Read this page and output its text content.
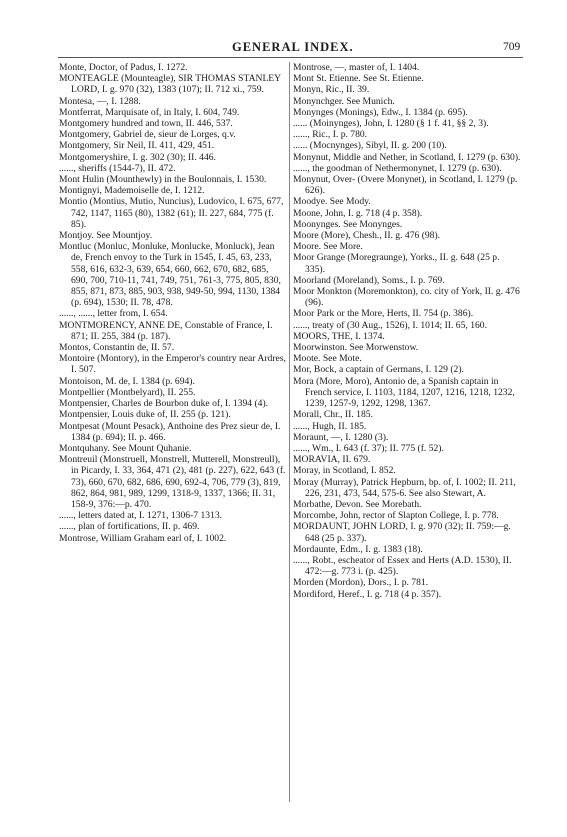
GENERAL INDEX.	709

Monte, Doctor, of Padus, I. 1272.

MONTEAGLE (Mounteagle), SIR THOMAS STANLEY LORD, I. g. 970 (32), 1383 (107); II. 712 xi., 759.

Montesa, —, I. 1288.

Montferrat, Marquisate of, in Italy, I. 604, 749.

Montgomery hundred and town, II. 446, 537.

Montgomery, Gabriel de, sieur de Lorges, q.v.

Montgomery, Sir Neil, II. 411, 429, 451.

Montgomeryshire, I. g. 302 (30); II. 446.

......, sheriffs (1544-7), II. 472.

Mont Hulin (Mounthewly) in the Boulonnais, I. 1530.

Montignyi, Mademoiselle de, I. 1212.

Montio (Montius, Mutio, Nuncius), Ludovico, I. 675, 677, 742, 1147, 1165 (80), 1382 (61); II. 227, 684, 775 (f. 85).

Montjoy. See Mountjoy.

Montluc (Monluc, Monluke, Monlucke, Monluck), Jean de, French envoy to the Turk in 1545, I. 45, 63, 233, 558, 616, 632-3, 639, 654, 660, 662, 670, 682, 685, 690, 700, 710-11, 741, 749, 751, 761-3, 775, 805, 830, 855, 871, 873, 885, 903, 938, 949-50, 994, 1130, 1384 (p. 694), 1530; II. 78, 478.

......, ......, letter from, I. 654.

MONTMORENCY, ANNE DE, Constable of France, I. 871; II. 255, 384 (p. 187).

Montos, Constantin de, II. 57.

Montoire (Montory), in the Emperor's country near Ardres, I. 507.

Montoison, M. de, I. 1384 (p. 694).

Montpellier (Montbelyard), II. 255.

Montpensier, Charles de Bourbon duke of, I. 1394 (4).

Montpensier, Louis duke of, II. 255 (p. 121).

Montpesat (Mount Pesack), Anthoine des Prez sieur de, I. 1384 (p. 694); II. p. 466.

Montquhany. See Mount Quhanie.

Montreuil (Monstruell, Monstrell, Mutterell, Monstreull), in Picardy, I. 33, 364, 471 (2), 481 (p. 227), 622, 643 (f. 73), 660, 670, 682, 686, 690, 692-4, 706, 779 (3), 819, 862, 864, 981, 989, 1299, 1318-9, 1337, 1366; II. 31, 158-9, 376:—p. 470.

......, letters dated at, I. 1271, 1306-7 1313.

......, plan of fortifications, II. p. 469.

Montrose, William Graham earl of, I. 1002.

Montrose, —, master of, I. 1404.

Mont St. Etienne. See St. Etienne.

Monyn, Ric., II. 39.

Monynchger. See Munich.

Monynges (Monings), Edw., I. 1384 (p. 695).

...... (Moinynges), John, I. 1280 (§ 1 f. 41, §§ 2, 3).

......, Ric., I. p. 780.

...... (Mocnynges), Sibyl, II. g. 200 (10).

Monynut, Middle and Nether, in Scotland, I. 1279 (p. 630).

......, the goodman of Nethermonynet, I. 1279 (p. 630).

Monynut, Over- (Overe Monynet), in Scotland, I. 1279 (p. 626).

Moodye. See Mody.

Moone, John, I. g. 718 (4 p. 358).

Moonynges. See Monynges.

Moore (More), Chesh., II. g. 476 (98).

Moore. See More.

Moor Grange (Moregraunge), Yorks., II. g. 648 (25 p. 335).

Moorland (Moreland), Soms., I. p. 769.

Moor Monkton (Moremonkton), co. city of York, II. g. 476 (96).

Moor Park or the More, Herts, II. 754 (p. 386).

......, treaty of (30 Aug., 1526), I. 1014; II. 65, 160.

MOORS, THE, I. 1374.

Moorwinston. See Morwenstow.

Moote. See Mote.

Mor, Bock, a captain of Germans, I. 129 (2).

Mora (More, Moro), Antonio de, a Spanish captain in French service, I. 1103, 1184, 1207, 1216, 1218, 1232, 1239, 1257-9, 1292, 1298, 1367.

Morall, Chr., II. 185.

......, Hugh, II. 185.

Moraunt, —, I. 1280 (3).

......, Wm., I. 643 (f. 37); II. 775 (f. 52).

MORAVIA, II. 679.

Moray, in Scotland, I. 852.

Moray (Murray), Patrick Hepburn, bp. of, I. 1002; II. 211, 226, 231, 473, 544, 575-6. See also Stewart, A.

Morbathe, Devon. See Morebath.

Morcombe, John, rector of Slapton College, I. p. 778.

MORDAUNT, JOHN LORD, I. g. 970 (32); II. 759:—g. 648 (25 p. 337).

Mordaunte, Edm., I. g. 1383 (18).

......, Robt., escheator of Essex and Herts (A.D. 1530), II. 472:—g. 773 i. (p. 425).

Morden (Mordon), Dors., I. p. 781.

Mordiford, Heref., I. g. 718 (4 p. 357).
